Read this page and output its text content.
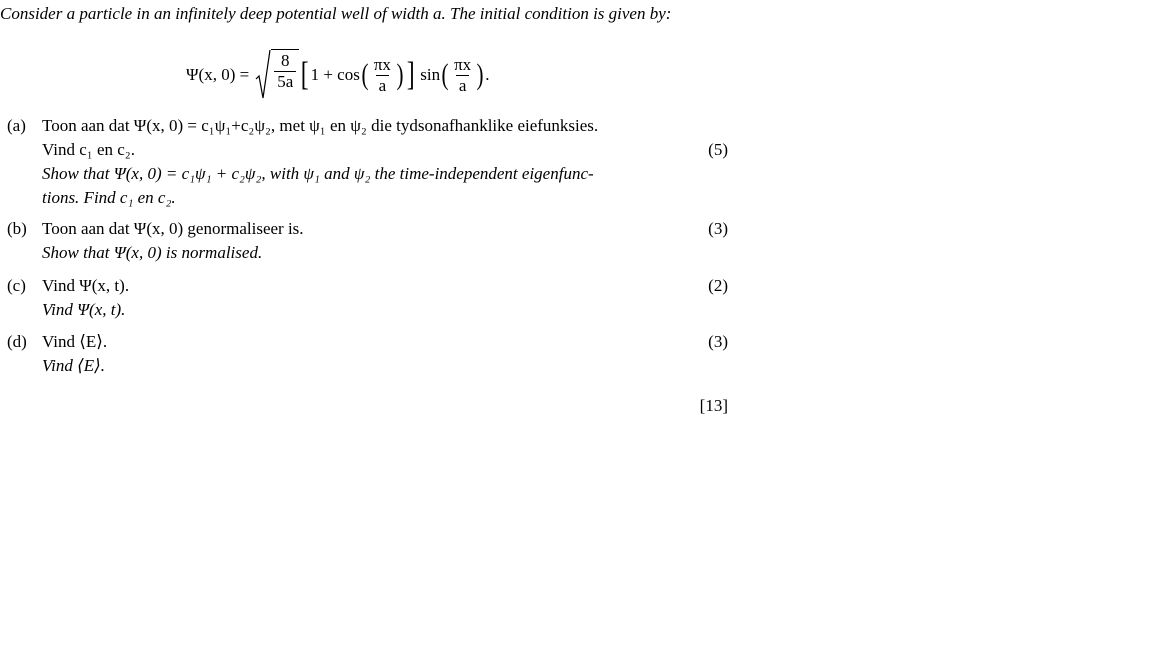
Consider a particle in an infinitely deep potential well of width a. The initial condition is given by:
Ψ(x, $0) = \frac{8}{5a}$ [ 1 + cos ( $\frac{\pi x}{a}$ ) ] sin ( $\frac{\pi x}{a}$ ) .
(a) Toon aan dat Ψ(x, 0) = c₁ψ₁+c₂ψ₂, met ψ₁ en ψ₂ die tydsonafhanklike eiefunksies.
Vind c₁ en c₂.	(5)
Show that Ψ(x, 0) = c₁ψ₁ + c₂ψ₂, with ψ₁ and ψ₂ the time-independent eigenfunc-
tions. Find c₁ en c₂.
(b) Toon aan dat Ψ(x, 0) genormaliseer is.	(3)
Show that Ψ(x, 0) is normalised.
(c) Vind Ψ(x, t).	(2)
Vind Ψ(x, t).
(d) Vind ⟨E⟩.	(3)
Vind ⟨E⟩.
[13]
